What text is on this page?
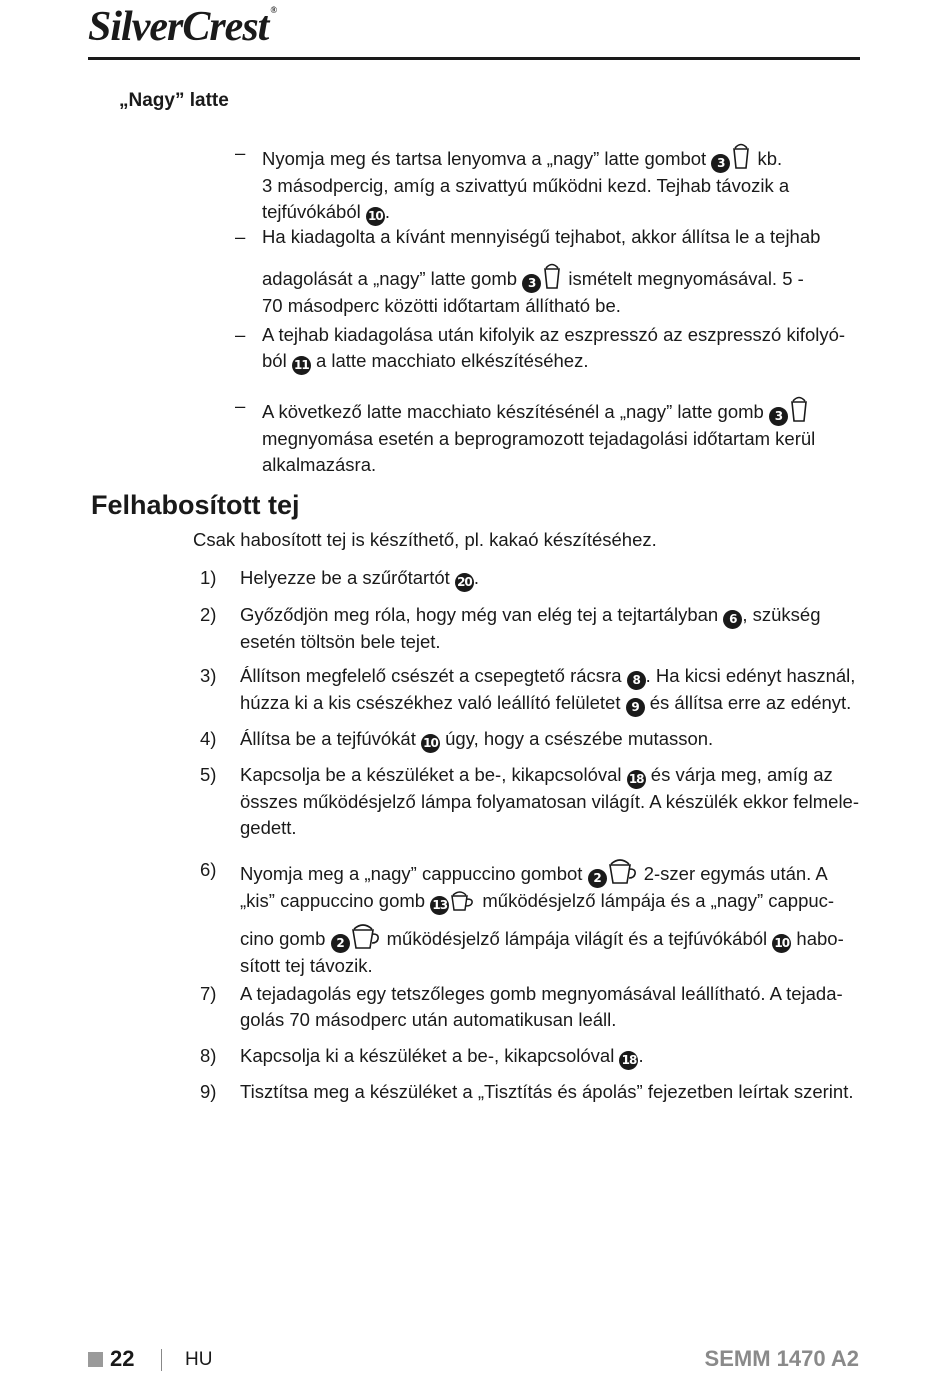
SilverCrest ®
„Nagy” latte
– Nyomja meg és tartsa lenyomva a „nagy” latte gombot 3 kb.
3 másodpercig, amíg a szivattyú működni kezd. Tejhab távozik a
tejfúvókából 10 .
– Ha kiadagolta a kívánt mennyiségű tejhabot, akkor állítsa le a tejhab
adagolását a „nagy” latte gomb 3 ismételt megnyomásával. 5 -
70 másodperc közötti időtartam állítható be.
– A tejhab kiadagolása után kifolyik az eszpresszó az eszpresszó kifolyó-
ból 11 a latte macchiato elkészítéséhez.
– A következő latte macchiato készítésénél a „nagy” latte gomb 3
megnyomása esetén a beprogramozott tejadagolási időtartam kerül
alkalmazásra.
Felhabosított tej
Csak habosított tej is készíthető, pl. kakaó készítéséhez.
1) Helyezze be a szűrőtartót 20 .
2) Győződjön meg róla, hogy még van elég tej a tejtartályban 6 , szükség
esetén töltsön bele tejet.
3) Állítson megfelelő csészét a csepegtető rácsra 8 . Ha kicsi edényt használ,
húzza ki a kis csészékhez való leállító felületet 9 és állítsa erre az edényt.
4) Állítsa be a tejfúvókát 10 úgy, hogy a csészébe mutasson.
5) Kapcsolja be a készüléket a be-, kikapcsolóval 18 és várja meg, amíg az
összes működésjelző lámpa folyamatosan világít. A készülék ekkor felmele-
gedett.
6) Nyomja meg a „nagy” cappuccino gombot 2 2-szer egymás után. A
„kis” cappuccino gomb 13 működésjelző lámpája és a „nagy” cappuc-
cino gomb 2 működésjelző lámpája világít és a tejfúvókából 10 habo-
sított tej távozik.
7) A tejadagolás egy tetszőleges gomb megnyomásával leállítható. A tejada-
golás 70 másodperc után automatikusan leáll.
8) Kapcsolja ki a készüléket a be-, kikapcsolóval 18 .
9) Tisztítsa meg a készüléket a „Tisztítás és ápolás” fejezetben leírtak szerint.
22	HU	SEMM 1470 A2
